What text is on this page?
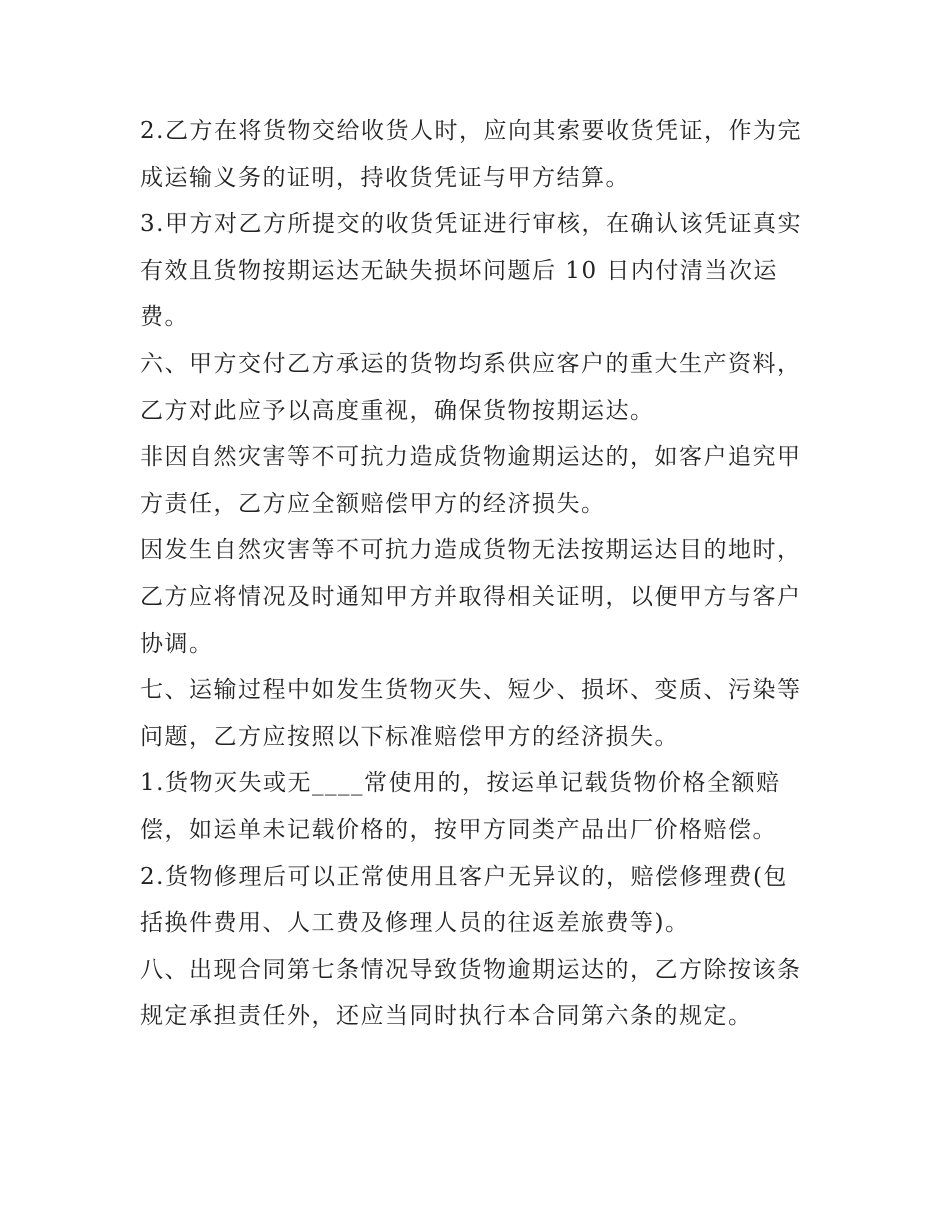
2.乙方在将货物交给收货人时，应向其索要收货凭证，作为完
成运输义务的证明，持收货凭证与甲方结算。
3.甲方对乙方所提交的收货凭证进行审核，在确认该凭证真实
有效且货物按期运达无缺失损坏问题后 10 日内付清当次运
费。
六、甲方交付乙方承运的货物均系供应客户的重大生产资料，
乙方对此应予以高度重视，确保货物按期运达。
非因自然灾害等不可抗力造成货物逾期运达的，如客户追究甲
方责任，乙方应全额赔偿甲方的经济损失。
因发生自然灾害等不可抗力造成货物无法按期运达目的地时，
乙方应将情况及时通知甲方并取得相关证明，以便甲方与客户
协调。
七、运输过程中如发生货物灭失、短少、损坏、变质、污染等
问题，乙方应按照以下标准赔偿甲方的经济损失。
1.货物灭失或无____常使用的，按运单记载货物价格全额赔
偿，如运单未记载价格的，按甲方同类产品出厂价格赔偿。
2.货物修理后可以正常使用且客户无异议的，赔偿修理费(包
括换件费用、人工费及修理人员的往返差旅费等)。
八、出现合同第七条情况导致货物逾期运达的，乙方除按该条
规定承担责任外，还应当同时执行本合同第六条的规定。
